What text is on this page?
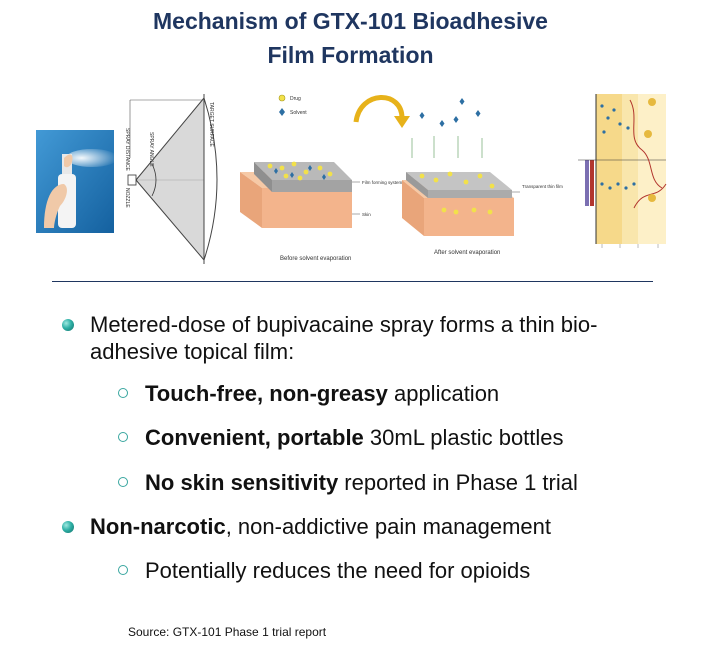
Mechanism of GTX-101 Bioadhesive
Film Formation
SPRAY DISTANCE
TARGET SURFACE
SPRAY ANGLE
NOZZLE
Drug
Solvent
Film forming system
Skin
Before solvent evaporation
Transparent thin film
After solvent evaporation
Metered-dose of bupivacaine spray forms a thin bio-adhesive topical film:
Touch-free, non-greasy application
Convenient, portable 30mL plastic bottles
No skin sensitivity reported in Phase 1 trial
Non-narcotic, non-addictive pain management
Potentially reduces the need for opioids
Source: GTX-101 Phase 1 trial report
